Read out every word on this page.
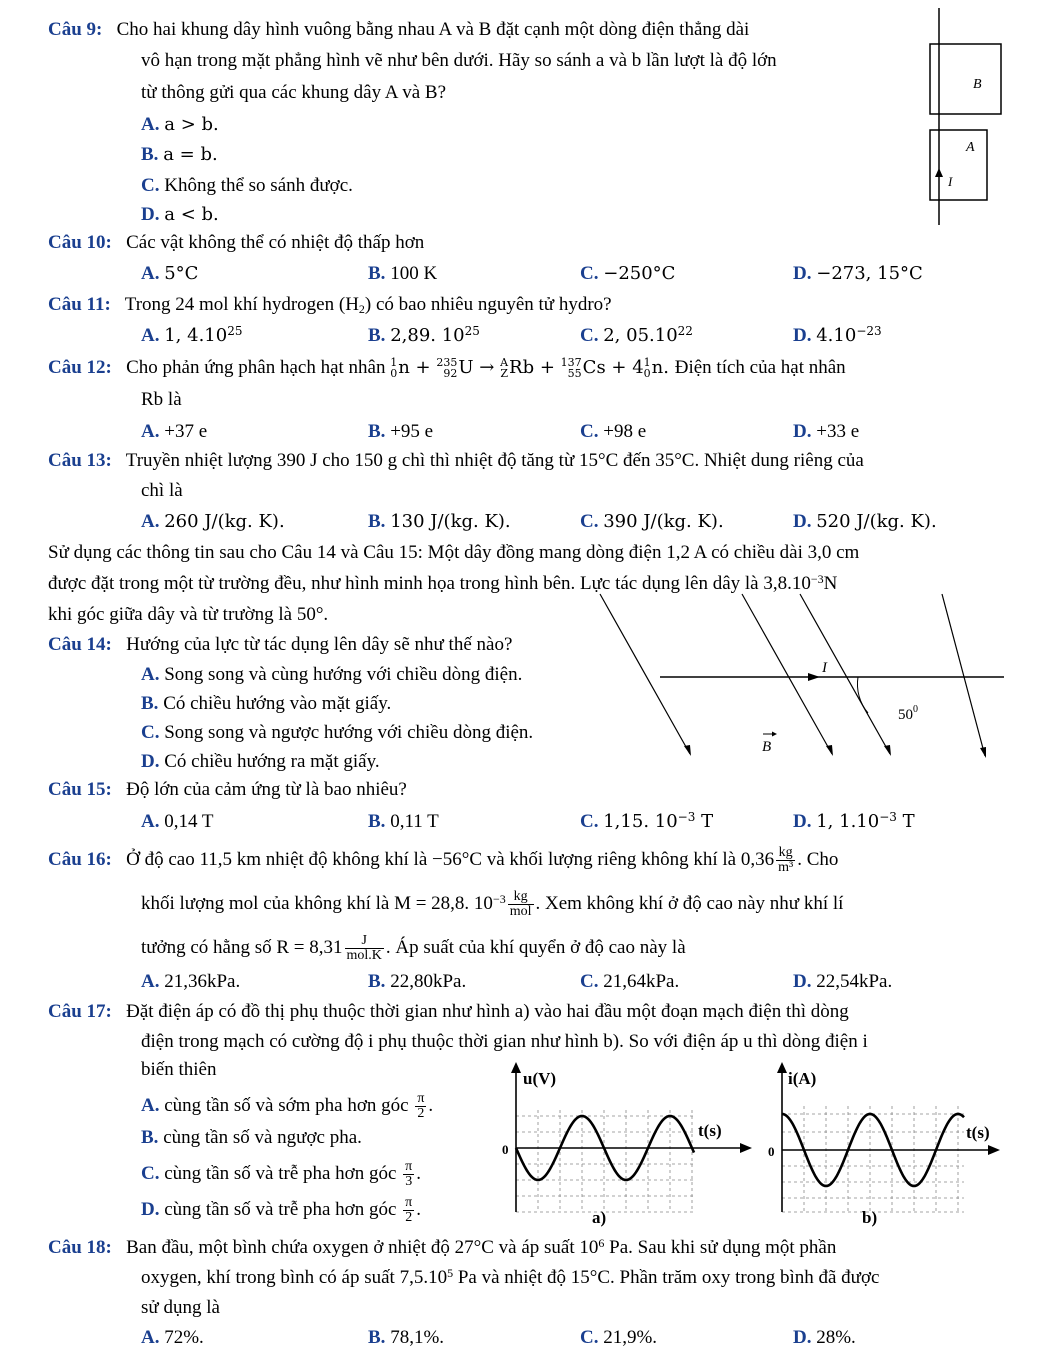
Câu 9: Cho hai khung dây hình vuông bằng nhau A và B đặt cạnh một dòng điện thẳng dài
vô hạn trong mặt phẳng hình vẽ như bên dưới. Hãy so sánh a và b lần lượt là độ lớn
từ thông gửi qua các khung dây A và B?
A. a > b.
B. a = b.
C. Không thể so sánh được.
D. a < b.
B
A
I
Câu 10: Các vật không thể có nhiệt độ thấp hơn
A. 5°C	B. 100 K	C. −250°C	D. −273, 15°C
Câu 11: Trong 24 mol khí hydrogen $(H_2)$ có bao nhiêu nguyên tử hydro?
A. 1, 4.10$^{25}$	B. 2,89. $10^{25}$	C. 2, 05.10$^{22}$	D. $4.10^{-23}$
Câu 12: Cho phản ứng phân hạch hạt nhân 1
0 n + 235
92 U → A
Z Rb + 137
55 Cs + 4 1
0 n. Điện tích của hạt nhân
Rb là
A. +37 e	B. +95 e	C. +98 e	D. +33 e
Câu 13: Truyền nhiệt lượng 390 J cho 150 g chì thì nhiệt độ tăng từ 15°C đến 35°C. Nhiệt dung riêng của
chì là
A. 260 J/(kg. K).	B. 130 J/(kg. K).	C. 390 J/(kg. K).	D. 520 J/(kg. K).
Sử dụng các thông tin sau cho Câu 14 và Câu 15: Một dây đồng mang dòng điện 1,2 A có chiều dài 3,0 cm
được đặt trong một từ trường đều, như hình minh họa trong hình bên. Lực tác dụng lên dây là $3,8.10^{-3}N$
khi góc giữa dây và từ trường là 50°.
Câu 14: Hướng của lực từ tác dụng lên dây sẽ như thế nào?
A. Song song và cùng hướng với chiều dòng điện.
B. Có chiều hướng vào mặt giấy.
C. Song song và ngược hướng với chiều dòng điện.
D. Có chiều hướng ra mặt giấy.
I
$50^0$
B
Câu 15: Độ lớn của cảm ứng từ là bao nhiêu?
A. 0,14 T	B. 0,11 T	C. 1,15. $10^{-3}$ T	D. 1, $1.10^{-3}$ T
Câu 16: Ở độ cao 11,5 km nhiệt độ không khí là −56°C và khối lượng riêng không khí là $0,36 \frac{kg}{\text{m³}}$ . Cho
khối lượng mol của không khí là M = 28,8. $10^{-3}$ kg
mol . Xem không khí ở độ cao này như khí lí
tưởng có hằng số R = 8,31	J
mol.K . Áp suất của khí quyển ở độ cao này là
A. 21,36kPa.	B. 22,80kPa.	C. 21,64kPa.	D. 22,54kPa.
Câu 17: Đặt điện áp có đồ thị phụ thuộc thời gian như hình a) vào hai đầu một đoạn mạch điện thì dòng
điện trong mạch có cường độ i phụ thuộc thời gian như hình b). So với điện áp u thì dòng điện i
biến thiên
A. cùng tần số và sớm pha hơn góc $\frac{\pi}{2}$ .
B. cùng tần số và ngược pha.
C. cùng tần số và trễ pha hơn góc $\frac{\pi}{3}$ .
D. cùng tần số và trễ pha hơn góc $\frac{\pi}{2}$ .
u(V)
0
t(s)
a)
i(A)
0
t(s)
b)
Câu 18: Ban đầu, một bình chứa oxygen ở nhiệt độ 27°C và áp suất $10^6$ Pa. Sau khi sử dụng một phần
oxygen, khí trong bình có áp suất 7,5.10$^5$ Pa và nhiệt độ 15°C. Phần trăm oxy trong bình đã được
sử dụng là
A. 72%.	B. 78,1%.	C. 21,9%.	D. 28%.
